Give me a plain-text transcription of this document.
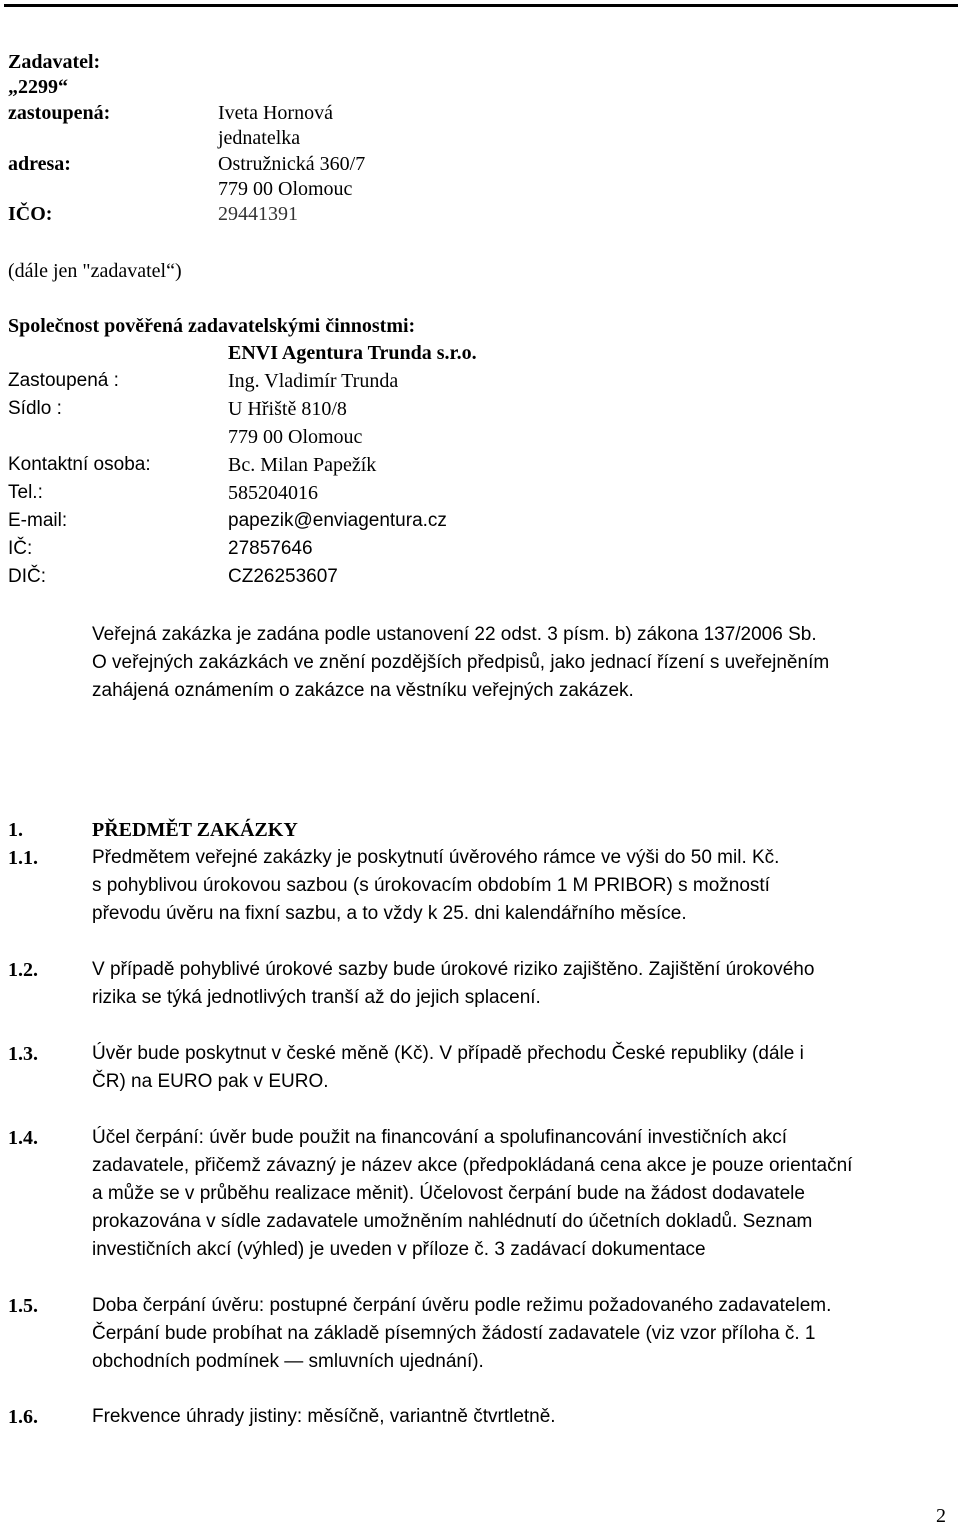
Zadavatel:
„2299“
zastoupená:	Iveta Hornová
jednatelka
adresa:	Ostružnická 360/7
779 00 Olomouc
IČO:	29441391
(dále jen "zadavatel“)
Společnost pověřená zadavatelskými činnostmi:
ENVI Agentura Trunda s.r.o.
Zastoupená :	Ing. Vladimír Trunda
Sídlo :	U Hřiště 810/8
779 00 Olomouc
Kontaktní osoba:	Bc. Milan Papežík
Tel.:	585204016
E-mail:	papezik@enviagentura.cz
IČ:	27857646
DIČ:	CZ26253607
Veřejná zakázka je zadána podle ustanovení 22 odst. 3 písm. b) zákona 137/2006 Sb.
O veřejných zakázkách ve znění pozdějších předpisů, jako jednací řízení s uveřejněním
zahájená oznámením o zakázce na věstníku veřejných zakázek.
1.	PŘEDMĚT ZAKÁZKY
1.1.	Předmětem veřejné zakázky je poskytnutí úvěrového rámce ve výši do 50 mil. Kč.
s pohyblivou úrokovou sazbou (s úrokovacím obdobím 1 M PRIBOR) s možností
převodu úvěru na fixní sazbu, a to vždy k 25. dni kalendářního měsíce.
1.2.	V případě pohyblivé úrokové sazby bude úrokové riziko zajištěno. Zajištění úrokového
rizika se týká jednotlivých tranší až do jejich splacení.
1.3.	Úvěr bude poskytnut v české měně (Kč). V případě přechodu České republiky (dále i
ČR) na EURO pak v EURO.
1.4.	Účel čerpání: úvěr bude použit na financování a spolufinancování investičních akcí
zadavatele, přičemž závazný je název akce (předpokládaná cena akce je pouze orientační
a může se v průběhu realizace měnit). Účelovost čerpání bude na žádost dodavatele
prokazována v sídle zadavatele umožněním nahlédnutí do účetních dokladů. Seznam
investičních akcí (výhled) je uveden v příloze č. 3 zadávací dokumentace
1.5.	Doba čerpání úvěru: postupné čerpání úvěru podle režimu požadovaného zadavatelem.
Čerpání bude probíhat na základě písemných žádostí zadavatele (viz vzor příloha č. 1
obchodních podmínek — smluvních ujednání).
1.6.	Frekvence úhrady jistiny: měsíčně, variantně čtvrtletně.
2
